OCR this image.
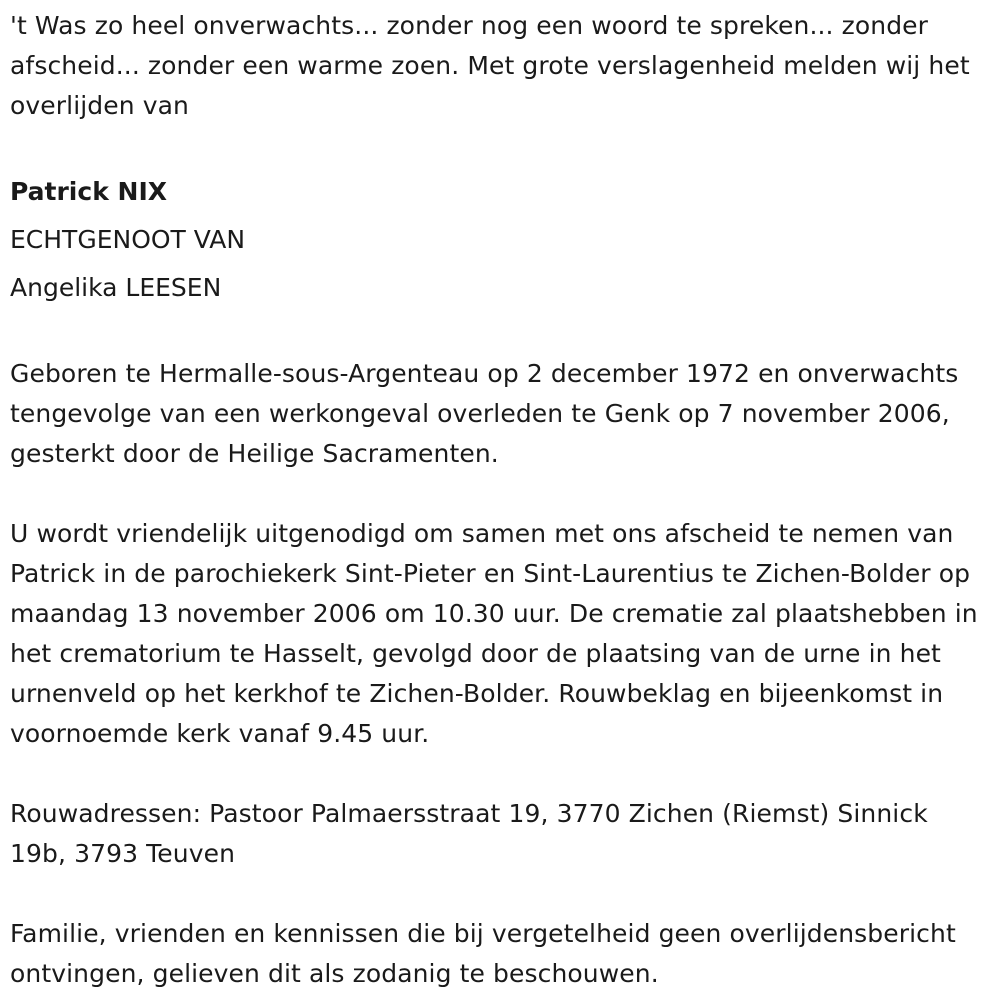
't Was zo heel onverwachts... zonder nog een woord te spreken... zonder afscheid... zonder een warme zoen. Met grote verslagenheid melden wij het overlijden van

Patrick NIX

ECHTGENOOT VAN

Angelika LEESEN

Geboren te Hermalle-sous-Argenteau op 2 december 1972 en onverwachts tengevolge van een werkongeval overleden te Genk op 7 november 2006, gesterkt door de Heilige Sacramenten.

U wordt vriendelijk uitgenodigd om samen met ons afscheid te nemen van Patrick in de parochiekerk Sint-Pieter en Sint-Laurentius te Zichen-Bolder op maandag 13 november 2006 om 10.30 uur. De crematie zal plaatshebben in het crematorium te Hasselt, gevolgd door de plaatsing van de urne in het urnenveld op het kerkhof te Zichen-Bolder. Rouwbeklag en bijeenkomst in voornoemde kerk vanaf 9.45 uur.

Rouwadressen: Pastoor Palmaersstraat 19, 3770 Zichen (Riemst) Sinnick 19b, 3793 Teuven

Familie, vrienden en kennissen die bij vergetelheid geen overlijdensbericht ontvingen, gelieven dit als zodanig te beschouwen.
